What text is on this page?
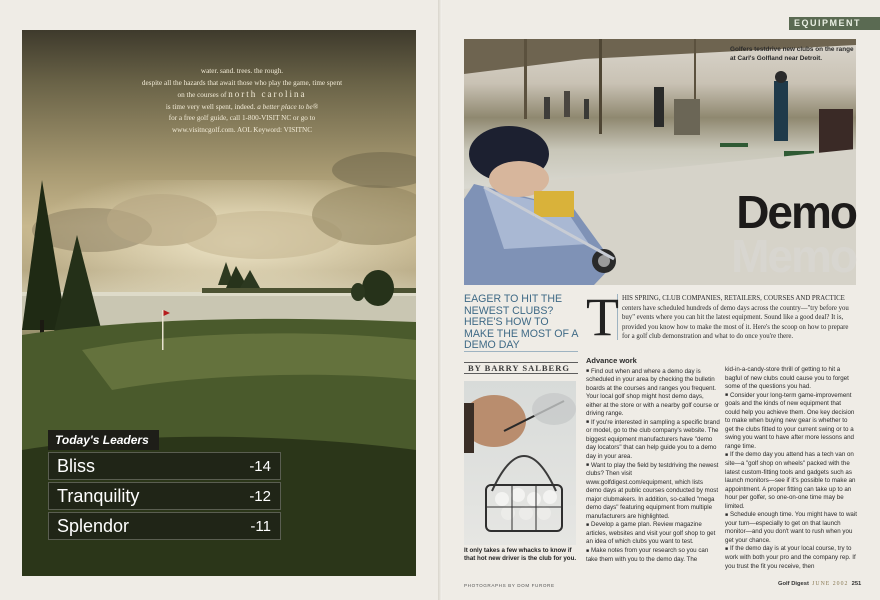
water. sand. trees. the rough.
despite all the hazards that await those who play the game, time spent
on the courses of north carolina
is time very well spent, indeed. a better place to be®
for a free golf guide, call 1-800-VISIT NC or go to
www.visitncgolf.com. AOL Keyword: VISITNC
Today's Leaders
Bliss	-14
Tranquility	-12
Splendor	-11
EQUIPMENT
Golfers testdrive new clubs on the range at Carl's Golfland near Detroit.
Demo
Memo
EAGER TO HIT THE NEWEST CLUBS? HERE'S HOW TO MAKE THE MOST OF A DEMO DAY
BY BARRY SALBERG
T HIS SPRING, CLUB COMPANIES, RETAILERS, COURSES AND PRACTICE centers have scheduled hundreds of demo days across the country—"try before you buy" events where you can hit the latest equipment. Sound like a good deal? It is, provided you know how to make the most of it. Here's the scoop on how to prepare for a golf club demonstration and what to do once you're there.
Advance work
■ Find out when and where a demo day is scheduled in your area by checking the bulletin boards at the courses and ranges you frequent. Your local golf shop might host demo days, either at the store or with a nearby golf course or driving range.
■ If you're interested in sampling a specific brand or model, go to the club company's website. The biggest equipment manufacturers have "demo day locators" that can help guide you to a demo day in your area.
■ Want to play the field by testdriving the newest clubs? Then visit www.golfdigest.com/equipment, which lists demo days at public courses conducted by most major clubmakers. In addition, so-called "mega demo days" featuring equipment from multiple manufacturers are highlighted.
■ Develop a game plan. Review magazine articles, websites and visit your golf shop to get an idea of which clubs you want to test.
■ Make notes from your research so you can take them with you to the demo day. The
kid-in-a-candy-store thrill of getting to hit a bagful of new clubs could cause you to forget some of the questions you had.
■ Consider your long-term game-improvement goals and the kinds of new equipment that could help you achieve them. One key decision to make when buying new gear is whether to get the clubs fitted to your current swing or to a swing you want to have after more lessons and range time.
■ If the demo day you attend has a tech van on site—a "golf shop on wheels" packed with the latest custom-fitting tools and gadgets such as launch monitors—see if it's possible to make an appointment. A proper fitting can take up to an hour per golfer, so one-on-one time may be limited.
■ Schedule enough time. You might have to wait your turn—especially to get on that launch monitor—and you don't want to rush when you get your chance.
■ If the demo day is at your local course, try to work with both your pro and the company rep. If you trust the fit you receive, then
It only takes a few whacks to know if that hot new driver is the club for you.
PHOTOGRAPHS BY DOM FURORE	Golf Digest JUNE 2002 251
